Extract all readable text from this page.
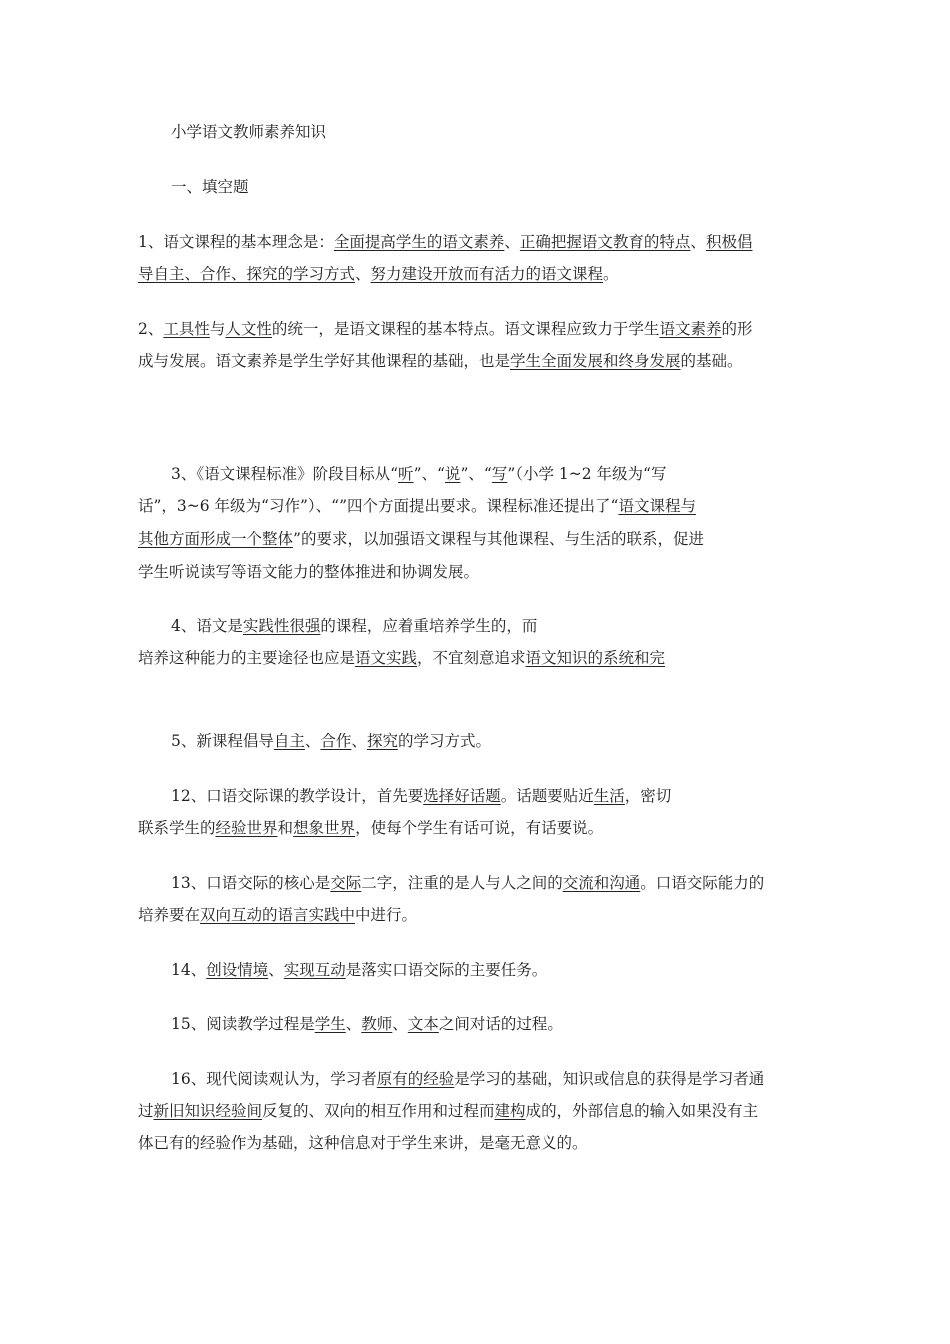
小学语文教师素养知识
一、填空题
1、语文课程的基本理念是：全面提高学生的语文素养、正确把握语文教育的特点、积极倡
导自主、合作、探究的学习方式、努力建设开放而有活力的语文课程。
2、工具性与人文性的统一，是语文课程的基本特点。语文课程应致力于学生语文素养的形
成与发展。语文素养是学生学好其他课程的基础，也是学生全面发展和终身发展的基础。
3、《语文课程标准》阶段目标从“听”、“说”、“写”（小学 1~2 年级为“写
话”，3~6 年级为“习作”）、“”四个方面提出要求。课程标准还提出了“语文课程与
其他方面形成一个整体”的要求，以加强语文课程与其他课程、与生活的联系，促进
学生听说读写等语文能力的整体推进和协调发展。
4、语文是实践性很强的课程，应着重培养学生的，而
培养这种能力的主要途径也应是语文实践，不宜刻意追求语文知识的系统和完
5、新课程倡导自主、合作、探究的学习方式。
12、口语交际课的教学设计，首先要选择好话题。话题要贴近生活，密切
联系学生的经验世界和想象世界，使每个学生有话可说，有话要说。
13、口语交际的核心是交际二字，注重的是人与人之间的交流和沟通。口语交际能力的
培养要在双向互动的语言实践中中进行。
14、创设情境、实现互动是落实口语交际的主要任务。
15、阅读教学过程是学生、教师、文本之间对话的过程。
16、现代阅读观认为，学习者原有的经验是学习的基础，知识或信息的获得是学习者通
过新旧知识经验间反复的、双向的相互作用和过程而建构成的，外部信息的输入如果没有主
体已有的经验作为基础，这种信息对于学生来讲，是毫无意义的。
